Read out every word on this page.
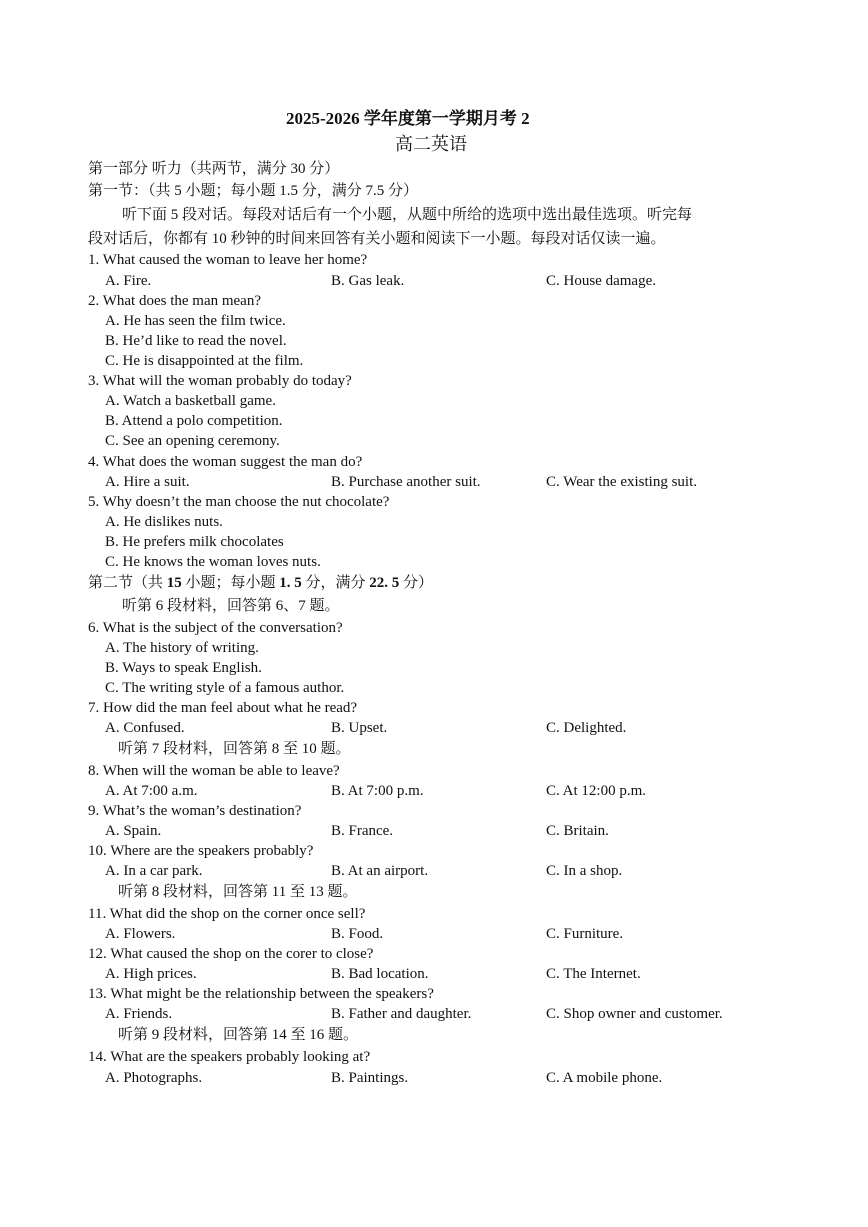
2025-2026 学年度第一学期月考 2
高二英语
第一部分 听力（共两节，满分 30 分）
第一节：（共 5 小题；每小题 1.5 分，满分 7.5 分）
听下面 5 段对话。每段对话后有一个小题，从题中所给的选项中选出最佳选项。听完每
段对话后，你都有 10 秒钟的时间来回答有关小题和阅读下一小题。每段对话仅读一遍。
1. What caused the woman to leave her home?
A. Fire.	B. Gas leak.	C. House damage.
2. What does the man mean?
A. He has seen the film twice.
B. He’d like to read the novel.
C. He is disappointed at the film.
3. What will the woman probably do today?
A. Watch a basketball game.
B. Attend a polo competition.
C. See an opening ceremony.
4. What does the woman suggest the man do?
A. Hire a suit.	B. Purchase another suit.	C. Wear the existing suit.
5. Why doesn’t the man choose the nut chocolate?
A. He dislikes nuts.
B. He prefers milk chocolates
C. He knows the woman loves nuts.
第二节（共 15 小题；每小题 1. 5 分，满分 22. 5 分）
听第 6 段材料，回答第 6、7 题。
6. What is the subject of the conversation?
A. The history of writing.
B. Ways to speak English.
C. The writing style of a famous author.
7. How did the man feel about what he read?
A. Confused.	B. Upset.	C. Delighted.
听第 7 段材料，回答第 8 至 10 题。
8. When will the woman be able to leave?
A. At 7:00 a.m.	B. At 7:00 p.m.	C. At 12:00 p.m.
9. What’s the woman’s destination?
A. Spain.	B. France.	C. Britain.
10. Where are the speakers probably?
A. In a car park.	B. At an airport.	C. In a shop.
听第 8 段材料，回答第 11 至 13 题。
11. What did the shop on the corner once sell?
A. Flowers.	B. Food.	C. Furniture.
12. What caused the shop on the corer to close?
A. High prices.	B. Bad location.	C. The Internet.
13. What might be the relationship between the speakers?
A. Friends.	B. Father and daughter.	C. Shop owner and customer.
听第 9 段材料，回答第 14 至 16 题。
14. What are the speakers probably looking at?
A. Photographs.	B. Paintings.	C. A mobile phone.
